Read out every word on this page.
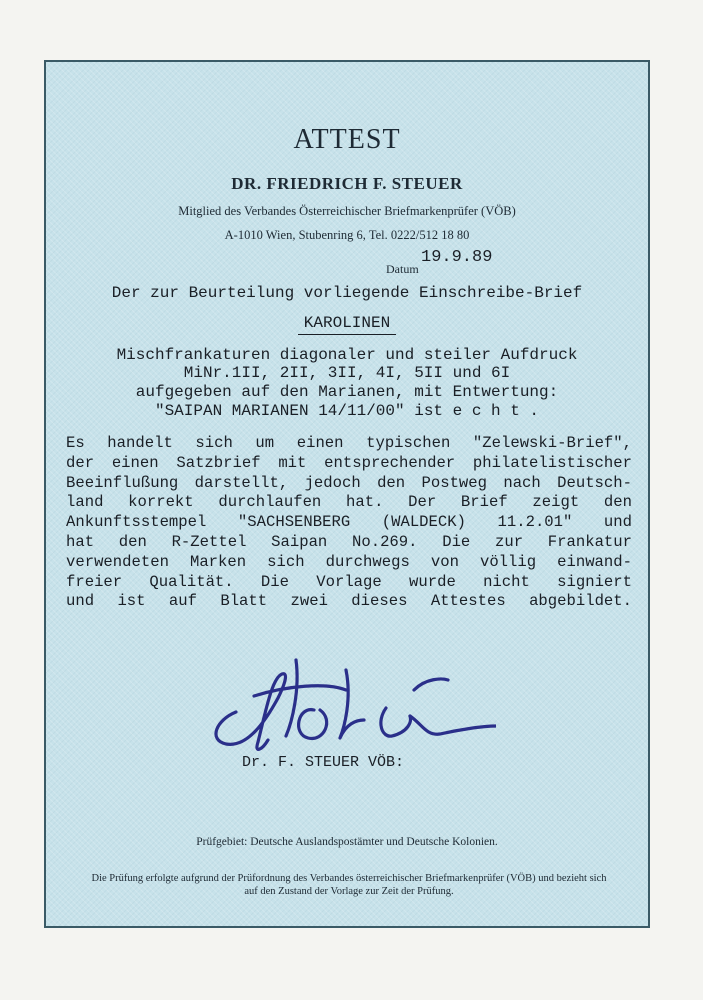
ATTEST
DR. FRIEDRICH F. STEUER
Mitglied des Verbandes Österreichischer Briefmarkenprüfer (VÖB)
A-1010 Wien, Stubenring 6, Tel. 0222/512 18 80
Datum
19.9.89
Der zur Beurteilung vorliegende Einschreibe-Brief
KAROLINEN
Mischfrankaturen diagonaler und steiler Aufdruck
MiNr.1II, 2II, 3II, 4I, 5II und 6I
aufgegeben auf den Marianen, mit Entwertung:
"SAIPAN MARIANEN 14/11/00" ist e c h t .
Es handelt sich um einen typischen "Zelewski-Brief",
der einen Satzbrief mit entsprechender philatelistischer
Beeinflußung darstellt, jedoch den Postweg nach Deutsch-
land korrekt durchlaufen hat. Der Brief zeigt den
Ankunftsstempel "SACHSENBERG (WALDECK) 11.2.01" und
hat den R-Zettel Saipan No.269. Die zur Frankatur
verwendeten Marken sich durchwegs von völlig einwand-
freier Qualität. Die Vorlage wurde nicht signiert
und ist auf Blatt zwei dieses Attestes abgebildet.
Dr. F. STEUER VÖB:
Prüfgebiet: Deutsche Auslandspostämter und Deutsche Kolonien.
Die Prüfung erfolgte aufgrund der Prüfordnung des Verbandes österreichischer Briefmarkenprüfer (VÖB) und bezieht sich auf den Zustand der Vorlage zur Zeit der Prüfung.
